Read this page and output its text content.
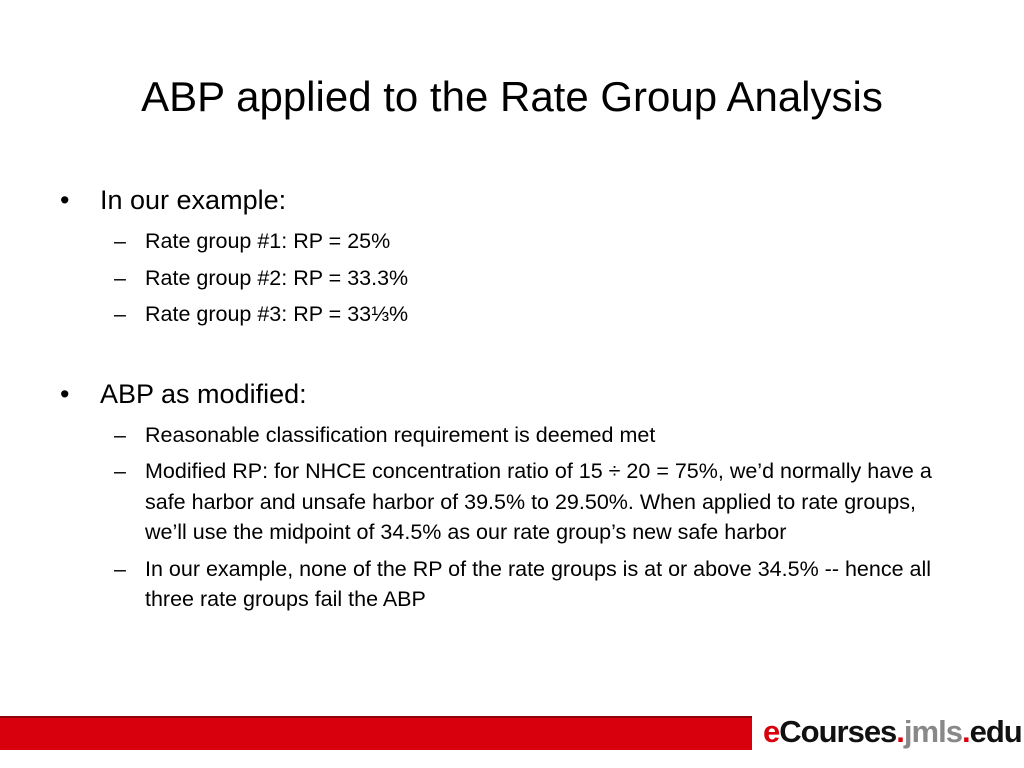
ABP applied to the Rate Group Analysis
• In our example:
– Rate group #1: RP = 25%
– Rate group #2: RP = 33.3%
– Rate group #3: RP = 33⅓%
• ABP as modified:
– Reasonable classification requirement is deemed met
– Modified RP: for NHCE concentration ratio of 15 ÷ 20 = 75%, we’d normally have a safe harbor and unsafe harbor of 39.5% to 29.50%. When applied to rate groups, we’ll use the midpoint of 34.5% as our rate group’s new safe harbor
– In our example, none of the RP of the rate groups is at or above 34.5% -- hence all three rate groups fail the ABP
eCourses.jmls.edu
